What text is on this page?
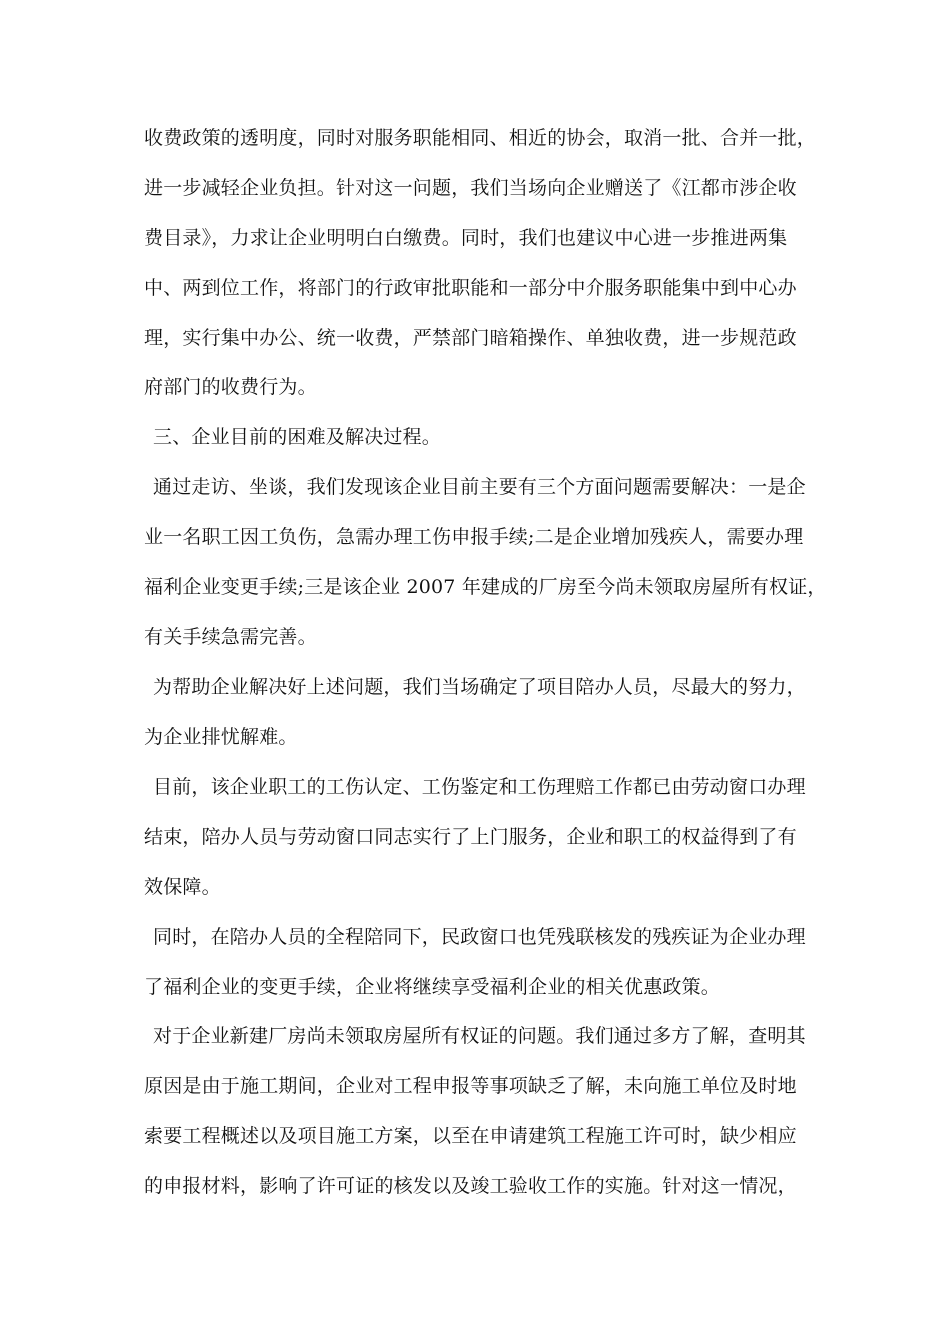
收费政策的透明度，同时对服务职能相同、相近的协会，取消一批、合并一批，

进一步减轻企业负担。针对这一问题，我们当场向企业赠送了《江都市涉企收

费目录》，力求让企业明明白白缴费。同时，我们也建议中心进一步推进两集

中、两到位工作，将部门的行政审批职能和一部分中介服务职能集中到中心办

理，实行集中办公、统一收费，严禁部门暗箱操作、单独收费，进一步规范政

府部门的收费行为。

三、企业目前的困难及解决过程。

通过走访、坐谈，我们发现该企业目前主要有三个方面问题需要解决：一是企

业一名职工因工负伤，急需办理工伤申报手续;二是企业增加残疾人，需要办理

福利企业变更手续;三是该企业 2007 年建成的厂房至今尚未领取房屋所有权证，

有关手续急需完善。

为帮助企业解决好上述问题，我们当场确定了项目陪办人员，尽最大的努力，

为企业排忧解难。

目前，该企业职工的工伤认定、工伤鉴定和工伤理赔工作都已由劳动窗口办理

结束，陪办人员与劳动窗口同志实行了上门服务，企业和职工的权益得到了有

效保障。

同时，在陪办人员的全程陪同下，民政窗口也凭残联核发的残疾证为企业办理

了福利企业的变更手续，企业将继续享受福利企业的相关优惠政策。

对于企业新建厂房尚未领取房屋所有权证的问题。我们通过多方了解，查明其

原因是由于施工期间，企业对工程申报等事项缺乏了解，未向施工单位及时地

索要工程概述以及项目施工方案，以至在申请建筑工程施工许可时，缺少相应

的申报材料，影响了许可证的核发以及竣工验收工作的实施。针对这一情况，
